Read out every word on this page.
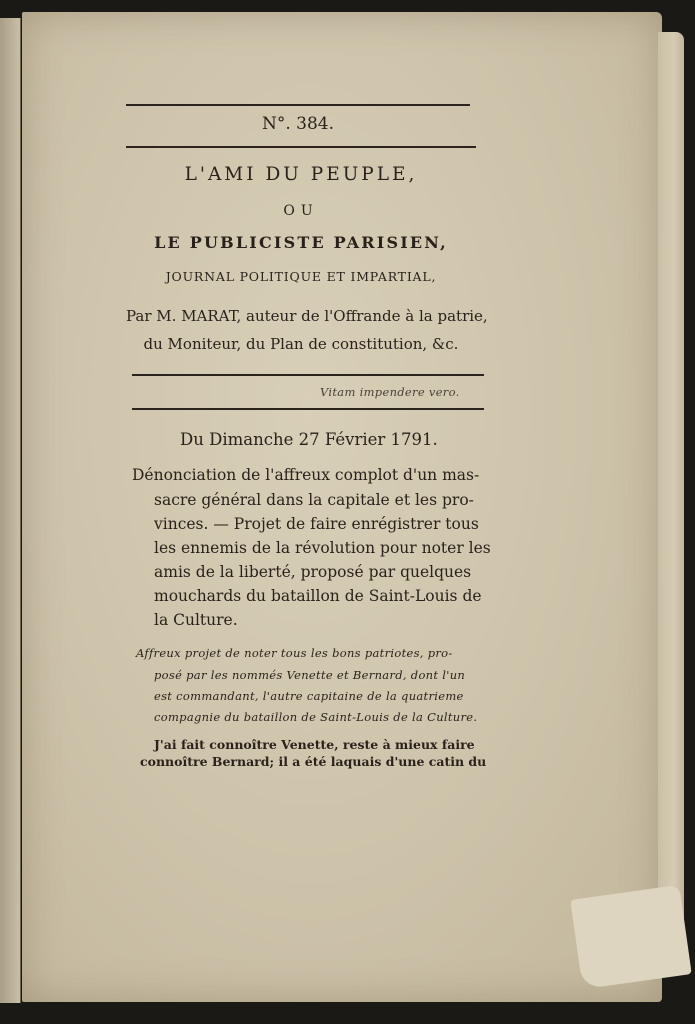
N°. 384.
L'AMI DU PEUPLE,
OU
LE PUBLICISTE PARISIEN,
JOURNAL POLITIQUE ET IMPARTIAL,
Par M. MARAT, auteur de l'Offrande à la patrie,
du Moniteur, du Plan de constitution, &c.
Vitam impendere vero.
Du Dimanche 27 Février 1791.
Dénonciation de l'affreux complot d'un mas-
sacre général dans la capitale et les pro-
vinces. — Projet de faire enrégistrer tous
les ennemis de la révolution pour noter les
amis de la liberté, proposé par quelques
mouchards du bataillon de Saint-Louis de
la Culture.
Affreux projet de noter tous les bons patriotes, pro-
posé par les nommés Venette et Bernard, dont l'un
est commandant, l'autre capitaine de la quatrieme
compagnie du bataillon de Saint-Louis de la Culture.
J'ai fait connoître Venette, reste à mieux faire
connoître Bernard; il a été laquais d'une catin du
